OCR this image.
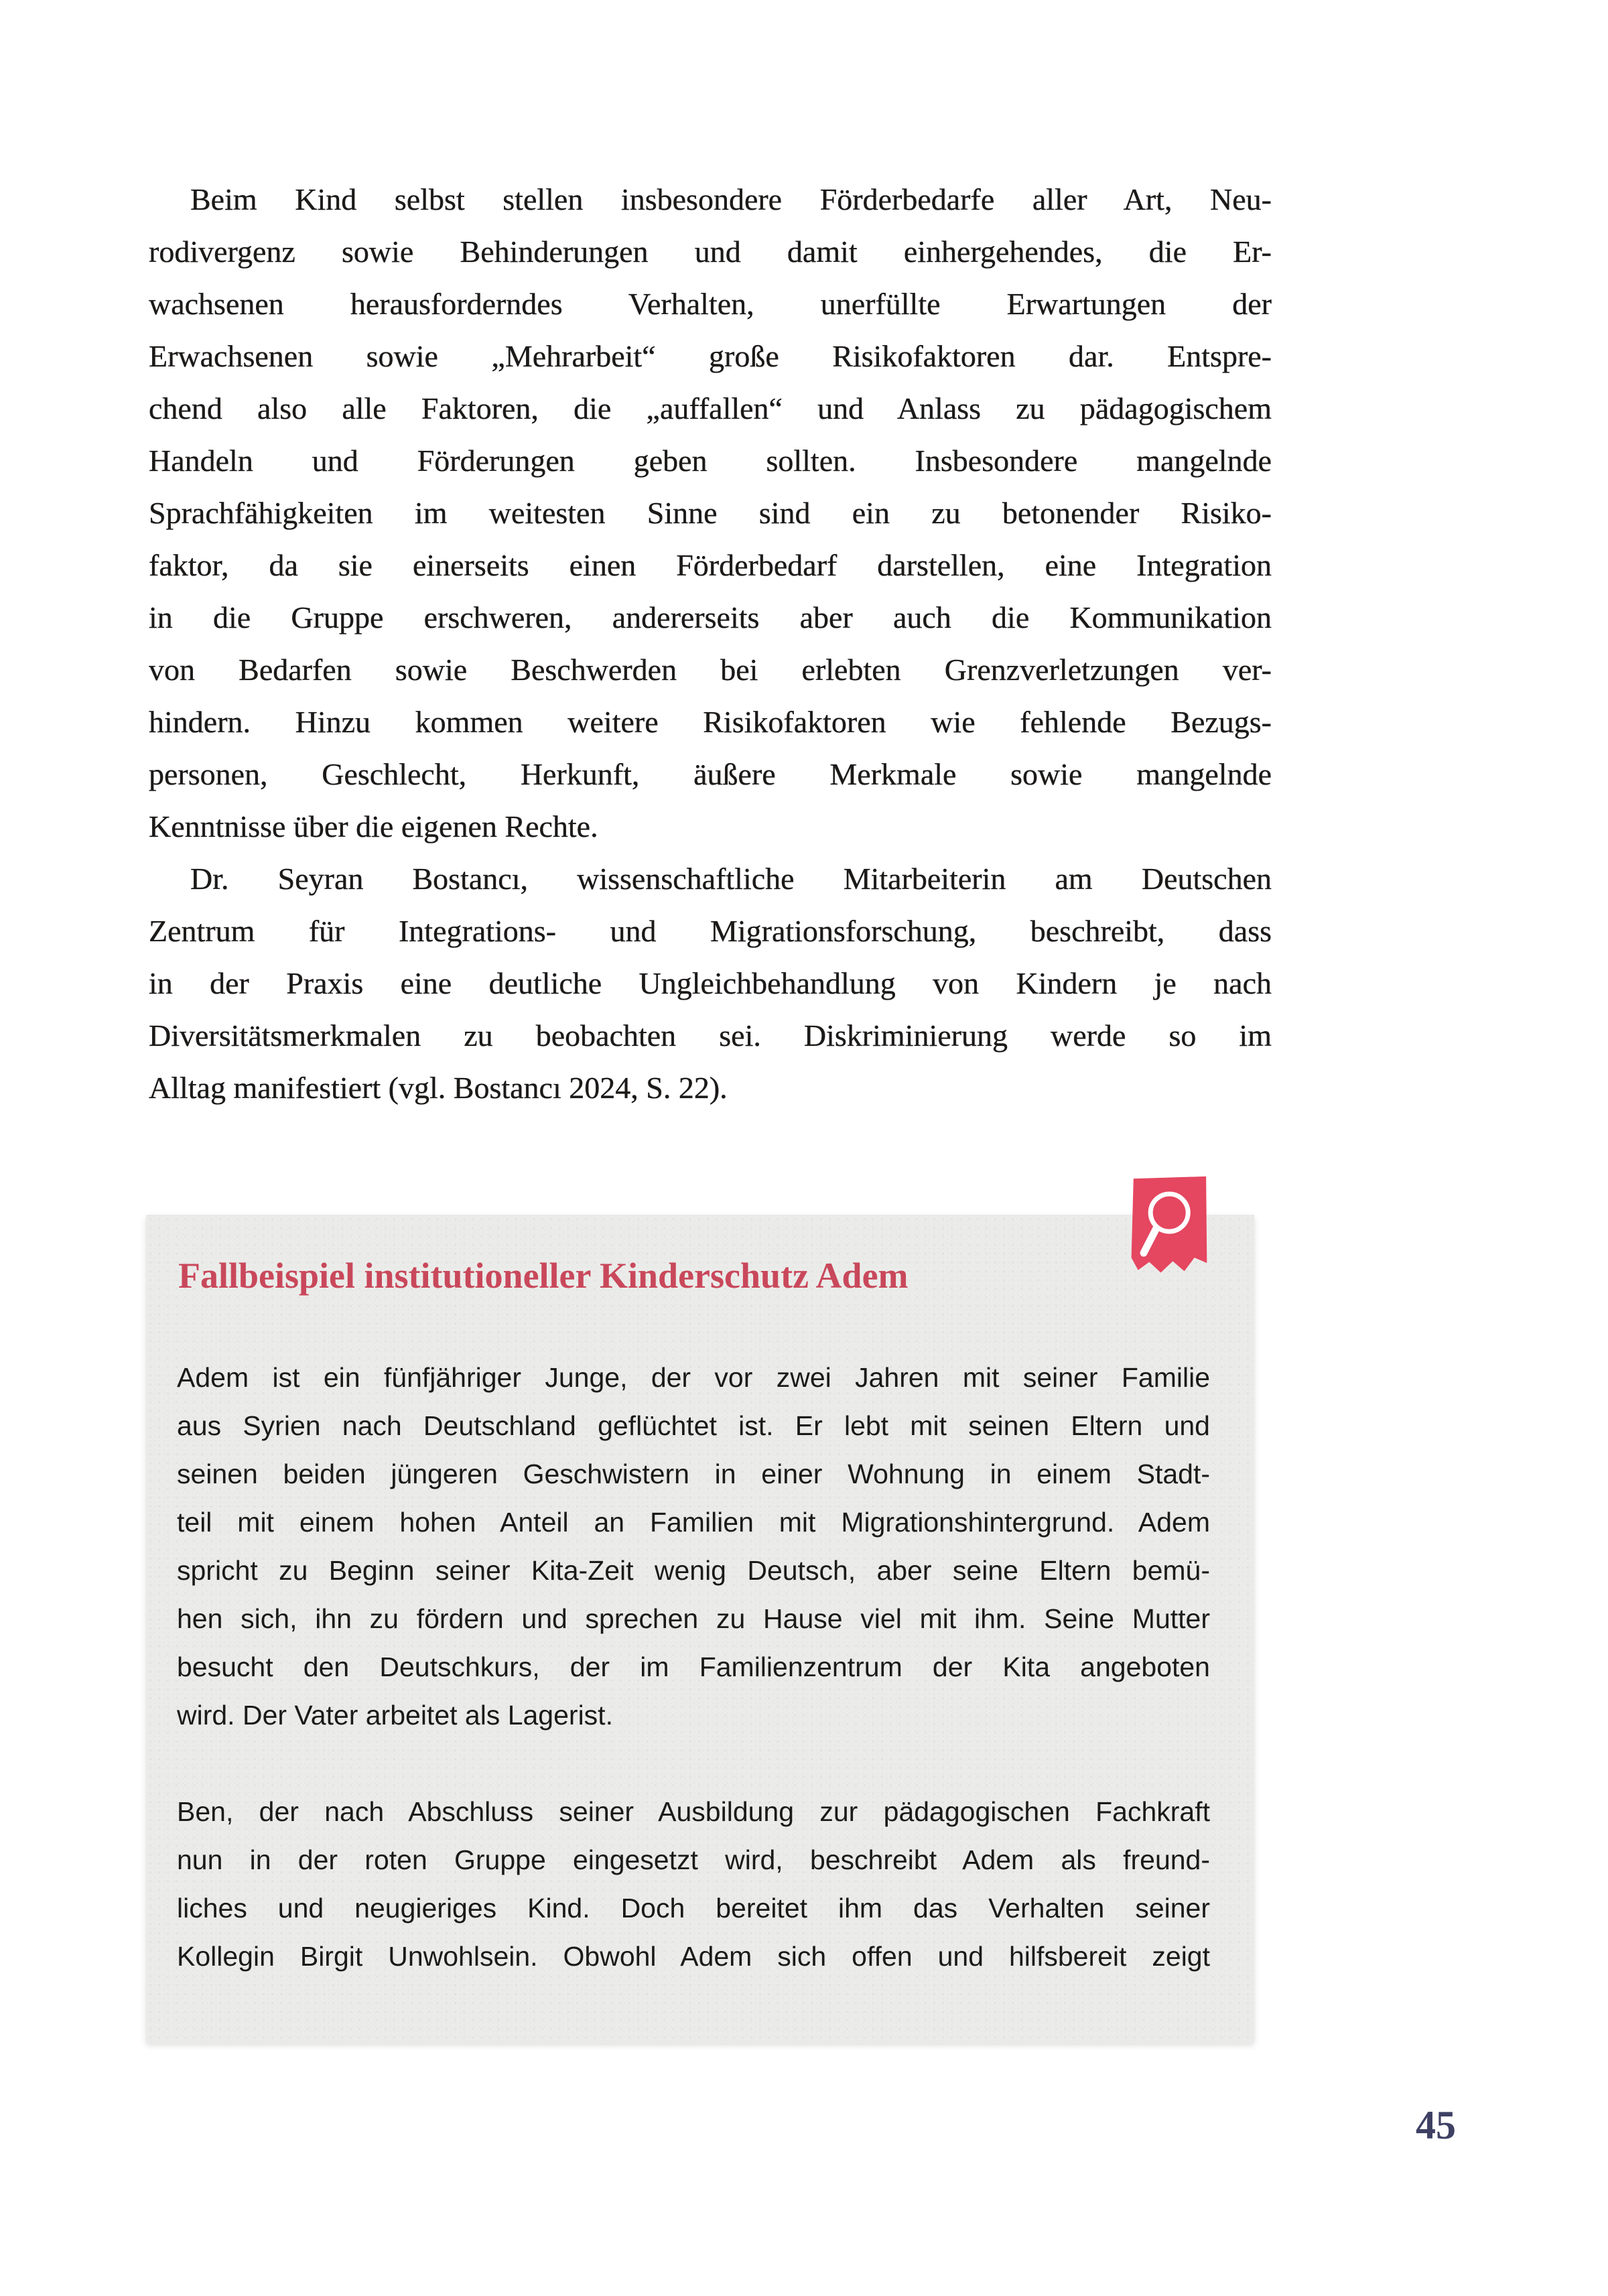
Beim Kind selbst stellen insbesondere Förderbedarfe aller Art, Neu-
rodivergenz sowie Behinderungen und damit einhergehendes, die Er-
wachsenen herausforderndes Verhalten, unerfüllte Erwartungen der
Erwachsenen sowie „Mehrarbeit“ große Risikofaktoren dar. Entspre-
chend also alle Faktoren, die „auffallen“ und Anlass zu pädagogischem
Handeln und Förderungen geben sollten. Insbesondere mangelnde
Sprachfähigkeiten im weitesten Sinne sind ein zu betonender Risiko-
faktor, da sie einerseits einen Förderbedarf darstellen, eine Integration
in die Gruppe erschweren, andererseits aber auch die Kommunikation
von Bedarfen sowie Beschwerden bei erlebten Grenzverletzungen ver-
hindern. Hinzu kommen weitere Risikofaktoren wie fehlende Bezugs-
personen, Geschlecht, Herkunft, äußere Merkmale sowie mangelnde
Kenntnisse über die eigenen Rechte.
Dr. Seyran Bostancı, wissenschaftliche Mitarbeiterin am Deutschen
Zentrum für Integrations- und Migrationsforschung, beschreibt, dass
in der Praxis eine deutliche Ungleichbehandlung von Kindern je nach
Diversitätsmerkmalen zu beobachten sei. Diskriminierung werde so im
Alltag manifestiert (vgl. Bostancı 2024, S. 22).
Fallbeispiel institutioneller Kinderschutz Adem
Adem ist ein fünfjähriger Junge, der vor zwei Jahren mit seiner Familie
aus Syrien nach Deutschland geflüchtet ist. Er lebt mit seinen Eltern und
seinen beiden jüngeren Geschwistern in einer Wohnung in einem Stadt-
teil mit einem hohen Anteil an Familien mit Migrationshintergrund. Adem
spricht zu Beginn seiner Kita-Zeit wenig Deutsch, aber seine Eltern bemü-
hen sich, ihn zu fördern und sprechen zu Hause viel mit ihm. Seine Mutter
besucht den Deutschkurs, der im Familienzentrum der Kita angeboten
wird. Der Vater arbeitet als Lagerist.
Ben, der nach Abschluss seiner Ausbildung zur pädagogischen Fachkraft
nun in der roten Gruppe eingesetzt wird, beschreibt Adem als freund-
liches und neugieriges Kind. Doch bereitet ihm das Verhalten seiner
Kollegin Birgit Unwohlsein. Obwohl Adem sich offen und hilfsbereit zeigt
45
